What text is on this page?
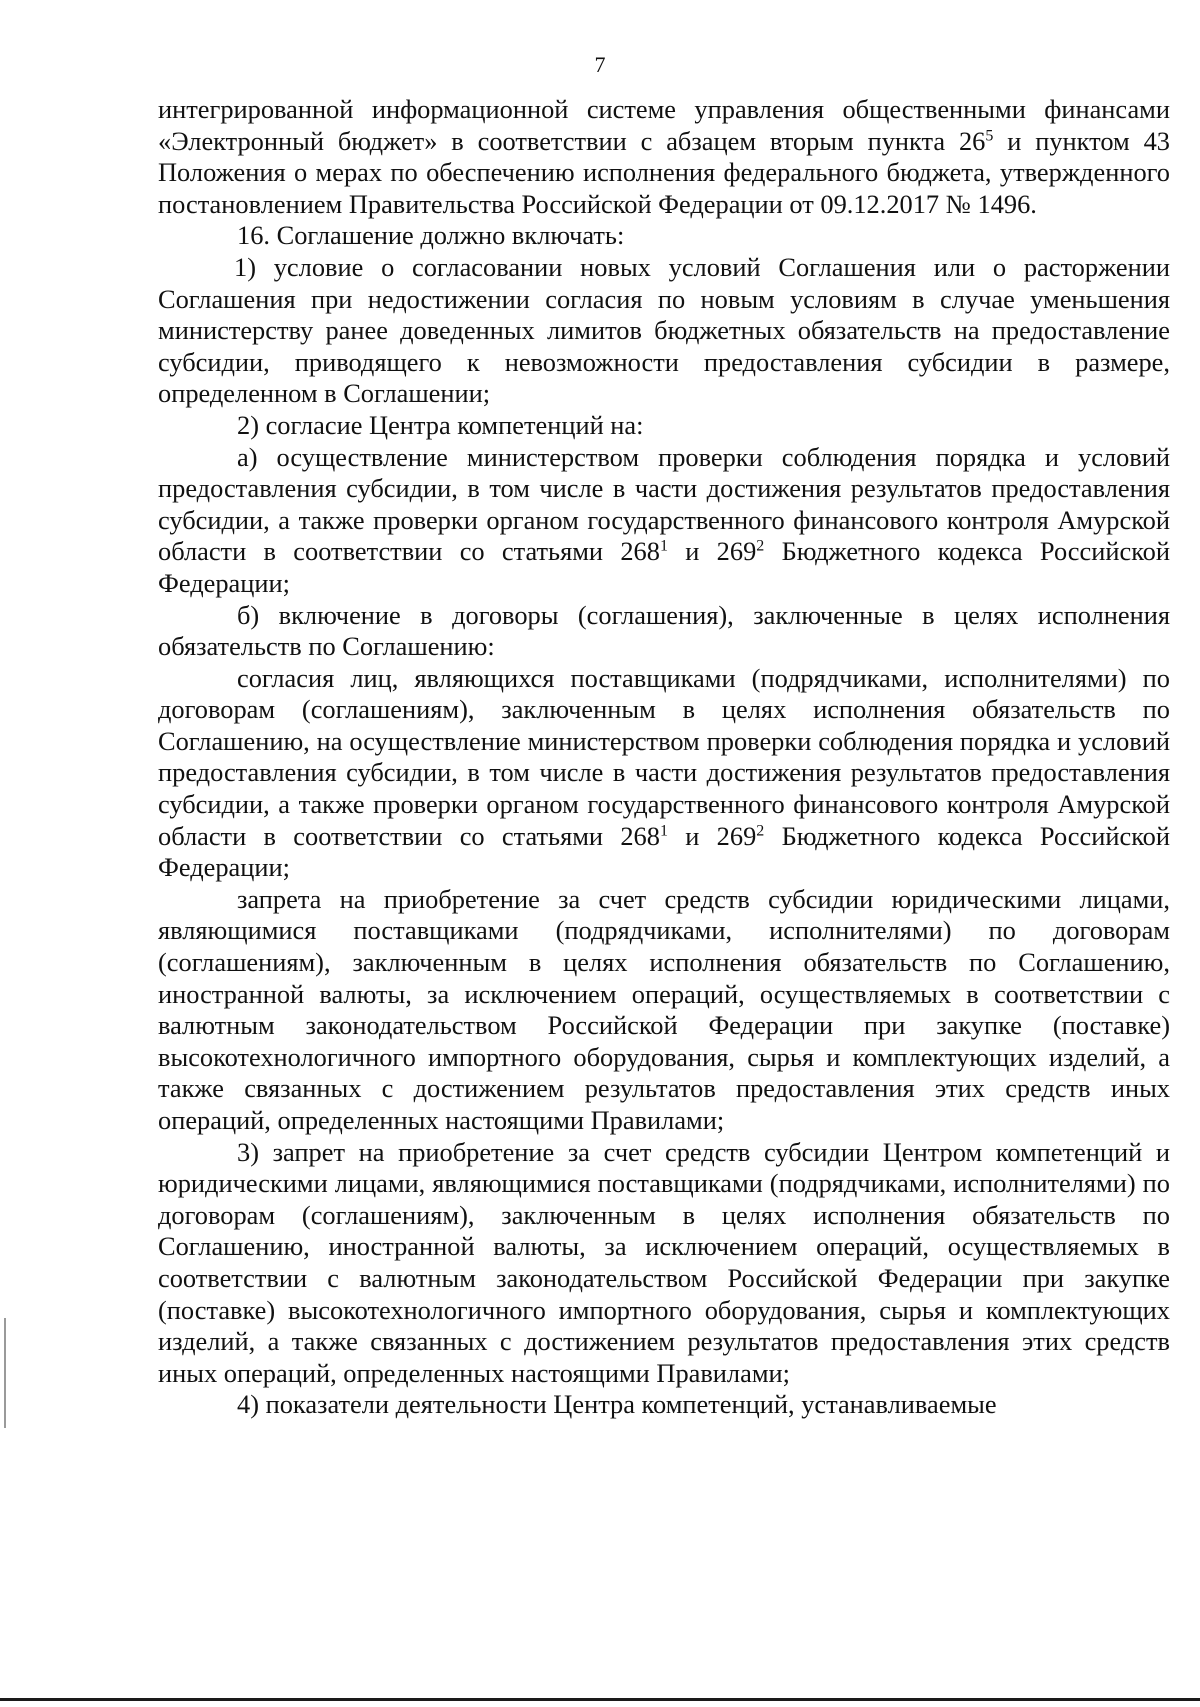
7

интегрированной информационной системе управления общественными финансами «Электронный бюджет» в соответствии с абзацем вторым пункта $26^5$ и пунктом 43 Положения о мерах по обеспечению исполнения федерального бюджета, утвержденного постановлением Правительства Российской Федерации от 09.12.2017 № 1496.

16. Соглашение должно включать:

1) условие о согласовании новых условий Соглашения или о расторжении Соглашения при недостижении согласия по новым условиям в случае уменьшения министерству ранее доведенных лимитов бюджетных обязательств на предоставление субсидии, приводящего к невозможности предоставления субсидии в размере, определенном в Соглашении;

2) согласие Центра компетенций на:

а) осуществление министерством проверки соблюдения порядка и условий предоставления субсидии, в том числе в части достижения результатов предоставления субсидии, а также проверки органом государственного финансового контроля Амурской области в соответствии со статьями $268^1$ и $269^2$ Бюджетного кодекса Российской Федерации;

б) включение в договоры (соглашения), заключенные в целях исполнения обязательств по Соглашению:

согласия лиц, являющихся поставщиками (подрядчиками, исполнителями) по договорам (соглашениям), заключенным в целях исполнения обязательств по Соглашению, на осуществление министерством проверки соблюдения порядка и условий предоставления субсидии, в том числе в части достижения результатов предоставления субсидии, а также проверки органом государственного финансового контроля Амурской области в соответствии со статьями $268^1$ и $269^2$ Бюджетного кодекса Российской Федерации;

запрета на приобретение за счет средств субсидии юридическими лицами, являющимися поставщиками (подрядчиками, исполнителями) по договорам (соглашениям), заключенным в целях исполнения обязательств по Соглашению, иностранной валюты, за исключением операций, осуществляемых в соответствии с валютным законодательством Российской Федерации при закупке (поставке) высокотехнологичного импортного оборудования, сырья и комплектующих изделий, а также связанных с достижением результатов предоставления этих средств иных операций, определенных настоящими Правилами;

3) запрет на приобретение за счет средств субсидии Центром компетенций и юридическими лицами, являющимися поставщиками (подрядчиками, исполнителями) по договорам (соглашениям), заключенным в целях исполнения обязательств по Соглашению, иностранной валюты, за исключением операций, осуществляемых в соответствии с валютным законодательством Российской Федерации при закупке (поставке) высокотехнологичного импортного оборудования, сырья и комплектующих изделий, а также связанных с достижением результатов предоставления этих средств иных операций, определенных настоящими Правилами;

4) показатели деятельности Центра компетенций, устанавливаемые
